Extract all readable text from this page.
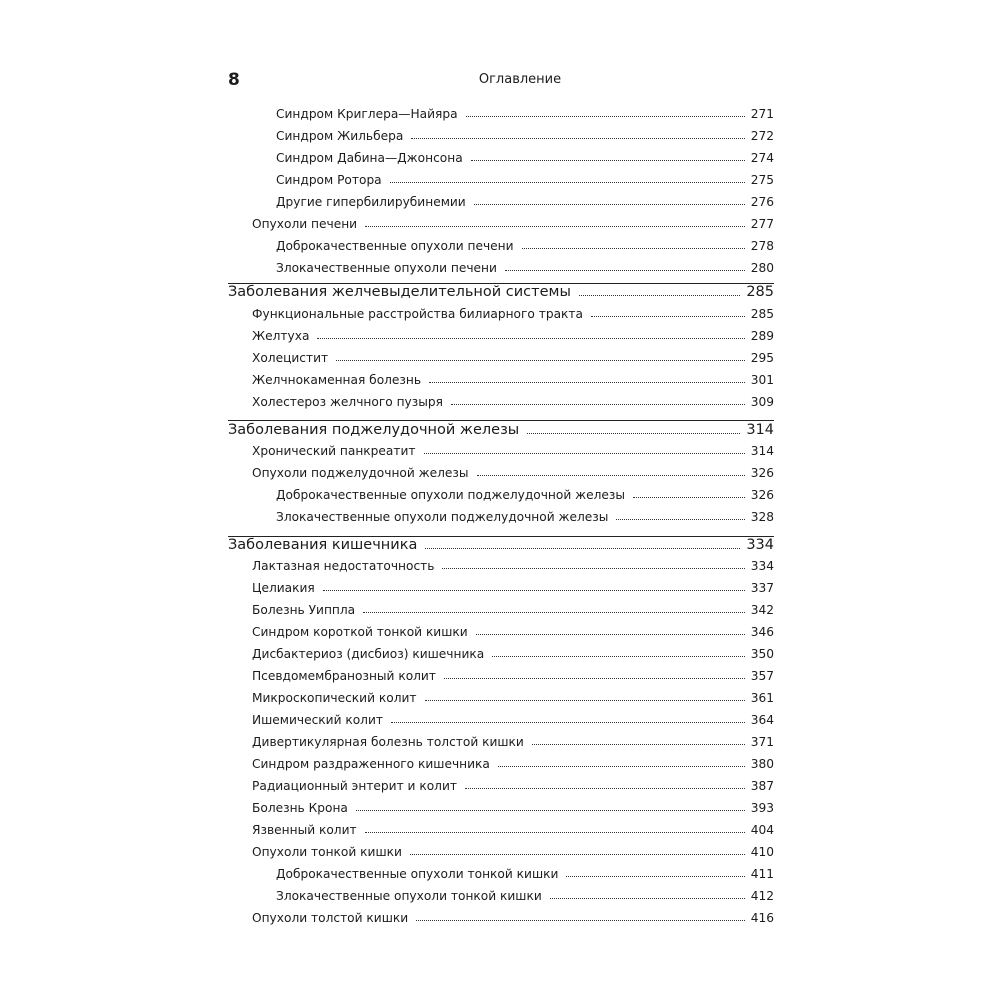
8	Оглавление
Синдром Криглера—Найяра	271
Синдром Жильбера	272
Синдром Дабина—Джонсона	274
Синдром Ротора	275
Другие гипербилирубинемии	276
Опухоли печени	277
Доброкачественные опухоли печени	278
Злокачественные опухоли печени	280
Заболевания желчевыделительной системы	285
Функциональные расстройства билиарного тракта	285
Желтуха	289
Холецистит	295
Желчнокаменная болезнь	301
Холестероз желчного пузыря	309
Заболевания поджелудочной железы	314
Хронический панкреатит	314
Опухоли поджелудочной железы	326
Доброкачественные опухоли поджелудочной железы	326
Злокачественные опухоли поджелудочной железы	328
Заболевания кишечника	334
Лактазная недостаточность	334
Целиакия	337
Болезнь Уиппла	342
Синдром короткой тонкой кишки	346
Дисбактериоз (дисбиоз) кишечника	350
Псевдомембранозный колит	357
Микроскопический колит	361
Ишемический колит	364
Дивертикулярная болезнь толстой кишки	371
Синдром раздраженного кишечника	380
Радиационный энтерит и колит	387
Болезнь Крона	393
Язвенный колит	404
Опухоли тонкой кишки	410
Доброкачественные опухоли тонкой кишки	411
Злокачественные опухоли тонкой кишки	412
Опухоли толстой кишки	416
